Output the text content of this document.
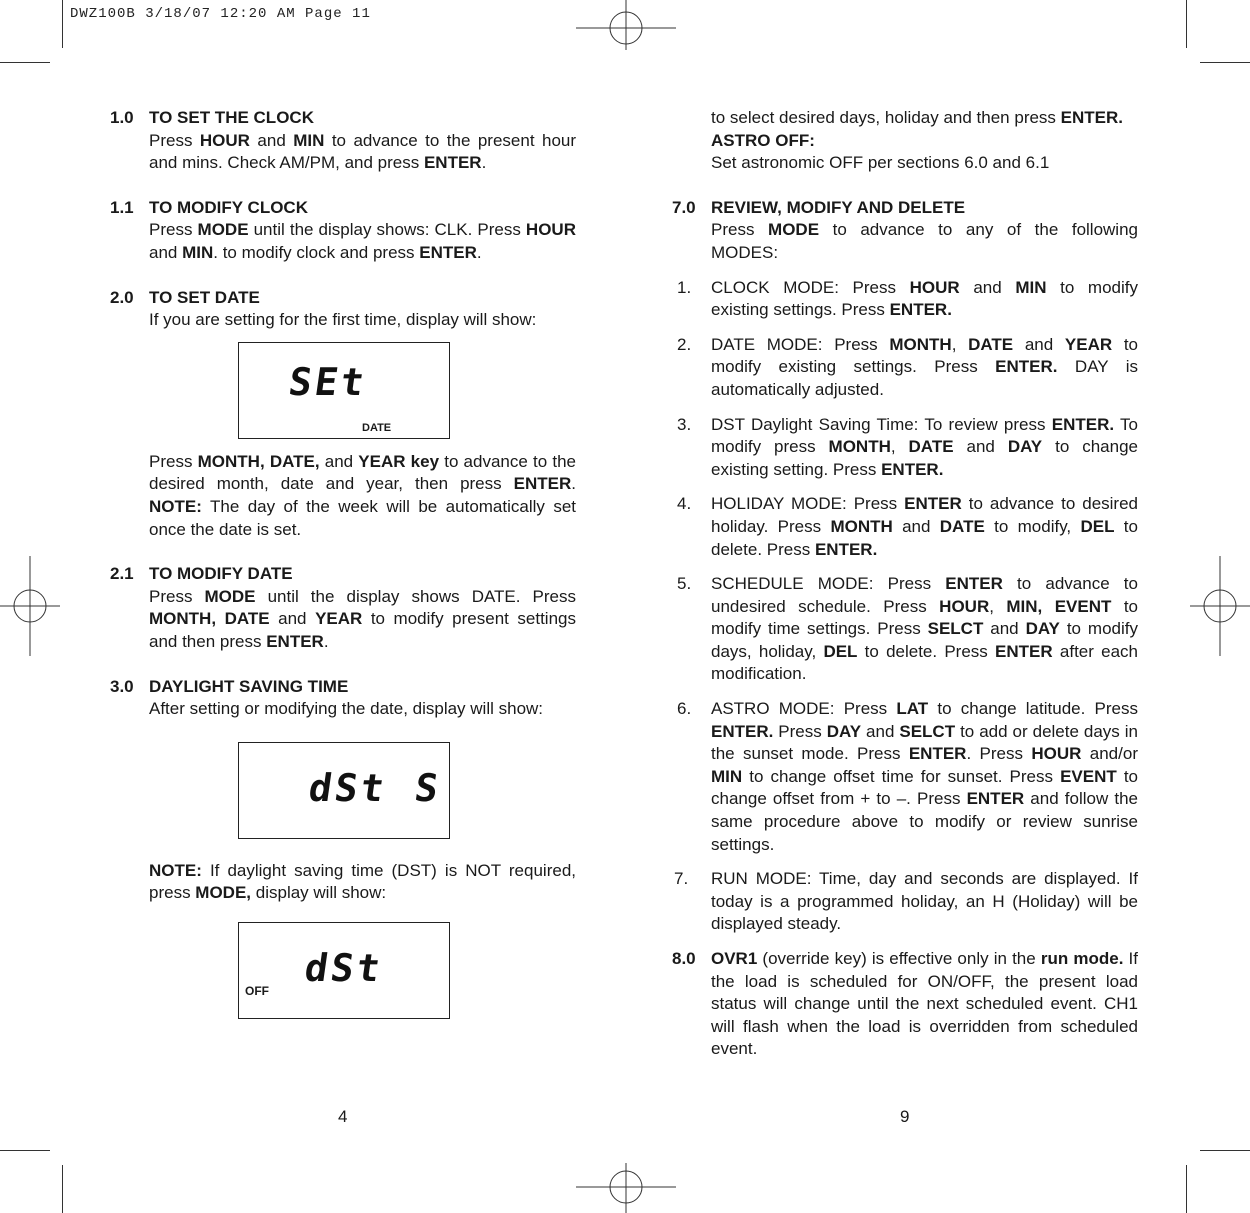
DWZ100B 3/18/07 12:20 AM Page 11
1.0 TO SET THE CLOCK
Press HOUR and MIN to advance to the present hour and mins. Check AM/PM, and press ENTER.
1.1 TO MODIFY CLOCK
Press MODE until the display shows: CLK. Press HOUR and MIN. to modify clock and press ENTER.
2.0 TO SET DATE
If you are setting for the first time, display will show:
SEt
DATE
Press MONTH, DATE, and YEAR key to advance to the desired month, date and year, then press ENTER. NOTE: The day of the week will be automatically set once the date is set.
2.1 TO MODIFY DATE
Press MODE until the display shows DATE. Press MONTH, DATE and YEAR to modify present settings and then press ENTER.
3.0 DAYLIGHT SAVING TIME
After setting or modifying the date, display will show:
dSt S
NOTE: If daylight saving time (DST) is NOT required, press MODE, display will show:
OFF
dSt
4
to select desired days, holiday and then press ENTER.
ASTRO OFF:
Set astronomic OFF per sections 6.0 and 6.1
7.0 REVIEW, MODIFY AND DELETE
Press MODE to advance to any of the following MODES:
1. CLOCK MODE: Press HOUR and MIN to modify existing settings. Press ENTER.
2. DATE MODE: Press MONTH, DATE and YEAR to modify existing settings. Press ENTER. DAY is automatically adjusted.
3. DST Daylight Saving Time: To review press ENTER. To modify press MONTH, DATE and DAY to change existing setting. Press ENTER.
4. HOLIDAY MODE: Press ENTER to advance to desired holiday. Press MONTH and DATE to modify, DEL to delete. Press ENTER.
5. SCHEDULE MODE: Press ENTER to advance to undesired schedule. Press HOUR, MIN, EVENT to modify time settings. Press SELCT and DAY to modify days, holiday, DEL to delete. Press ENTER after each modification.
6. ASTRO MODE: Press LAT to change latitude. Press ENTER. Press DAY and SELCT to add or delete days in the sunset mode. Press ENTER. Press HOUR and/or MIN to change offset time for sunset. Press EVENT to change offset from + to –. Press ENTER and follow the same procedure above to modify or review sunrise settings.
7. RUN MODE: Time, day and seconds are displayed. If today is a programmed holiday, an H (Holiday) will be displayed steady.
8.0 OVR1 (override key) is effective only in the run mode. If the load is scheduled for ON/OFF, the present load status will change until the next scheduled event. CH1 will flash when the load is overridden from scheduled event.
9
